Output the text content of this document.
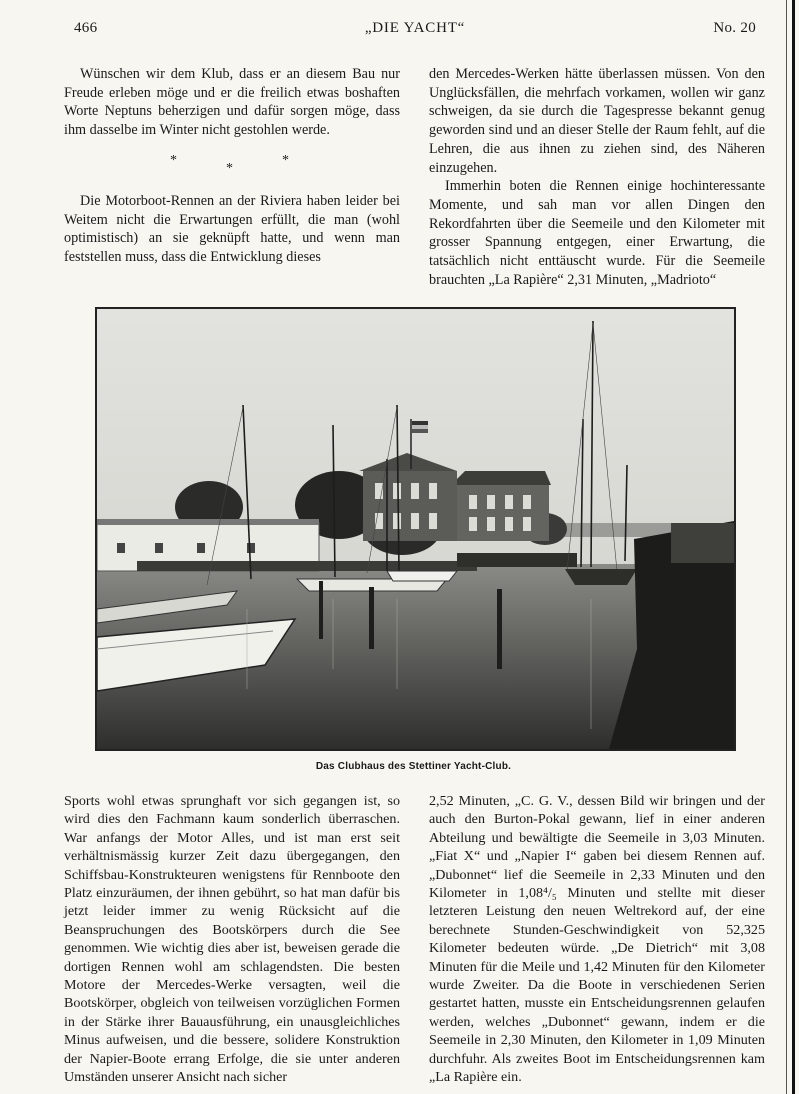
466	„DIE YACHT“	No. 20

Wünschen wir dem Klub, dass er an diesem Bau nur Freude erleben möge und er die freilich etwas boshaften Worte Neptuns beherzigen und dafür sorgen möge, dass ihm dasselbe im Winter nicht gestohlen werde.

*
*
*

Die Motorboot-Rennen an der Riviera haben leider bei Weitem nicht die Erwartungen erfüllt, die man (wohl optimistisch) an sie geknüpft hatte, und wenn man feststellen muss, dass die Entwicklung dieses

den Mercedes-Werken hätte überlassen müssen. Von den Unglücksfällen, die mehrfach vorkamen, wollen wir ganz schweigen, da sie durch die Tagespresse bekannt genug geworden sind und an dieser Stelle der Raum fehlt, auf die Lehren, die aus ihnen zu ziehen sind, des Näheren einzugehen.

Immerhin boten die Rennen einige hochinteressante Momente, und sah man vor allen Dingen den Rekordfahrten über die Seemeile und den Kilometer mit grosser Spannung entgegen, einer Erwartung, die tatsächlich nicht enttäuscht wurde. Für die Seemeile brauchten „La Rapière“ 2,31 Minuten, „Madrioto“

Das Clubhaus des Stettiner Yacht-Club.

Sports wohl etwas sprunghaft vor sich gegangen ist, so wird dies den Fachmann kaum sonderlich überraschen. War anfangs der Motor Alles, und ist man erst seit verhältnismässig kurzer Zeit dazu übergegangen, den Schiffsbau-Konstrukteuren wenigstens für Rennboote den Platz einzuräumen, der ihnen gebührt, so hat man dafür bis jetzt leider immer zu wenig Rücksicht auf die Beanspruchungen des Bootskörpers durch die See genommen. Wie wichtig dies aber ist, beweisen gerade die dortigen Rennen wohl am schlagendsten. Die besten Motore der Mercedes-Werke versagten, weil die Bootskörper, obgleich von teilweisen vorzüglichen Formen in der Stärke ihrer Bauausführung, ein unausgleichliches Minus aufweisen, und die bessere, solidere Konstruktion der Napier-Boote errang Erfolge, die sie unter anderen Umständen unserer Ansicht nach sicher

2,52 Minuten, „C. G. V., dessen Bild wir bringen und der auch den Burton-Pokal gewann, lief in einer anderen Abteilung und bewältigte die Seemeile in 3,03 Minuten. „Fiat X“ und „Napier I“ gaben bei diesem Rennen auf. „Dubonnet“ lief die Seemeile in 2,33 Minuten und den Kilometer in 1,08⁴/₅ Minuten und stellte mit dieser letzteren Leistung den neuen Weltrekord auf, der eine berechnete Stunden-Geschwindigkeit von 52,325 Kilometer bedeuten würde. „De Dietrich“ mit 3,08 Minuten für die Meile und 1,42 Minuten für den Kilometer wurde Zweiter. Da die Boote in verschiedenen Serien gestartet hatten, musste ein Entscheidungsrennen gelaufen werden, welches „Dubonnet“ gewann, indem er die Seemeile in 2,30 Minuten, den Kilometer in 1,09 Minuten durchfuhr. Als zweites Boot im Entscheidungsrennen kam „La Rapière ein.
